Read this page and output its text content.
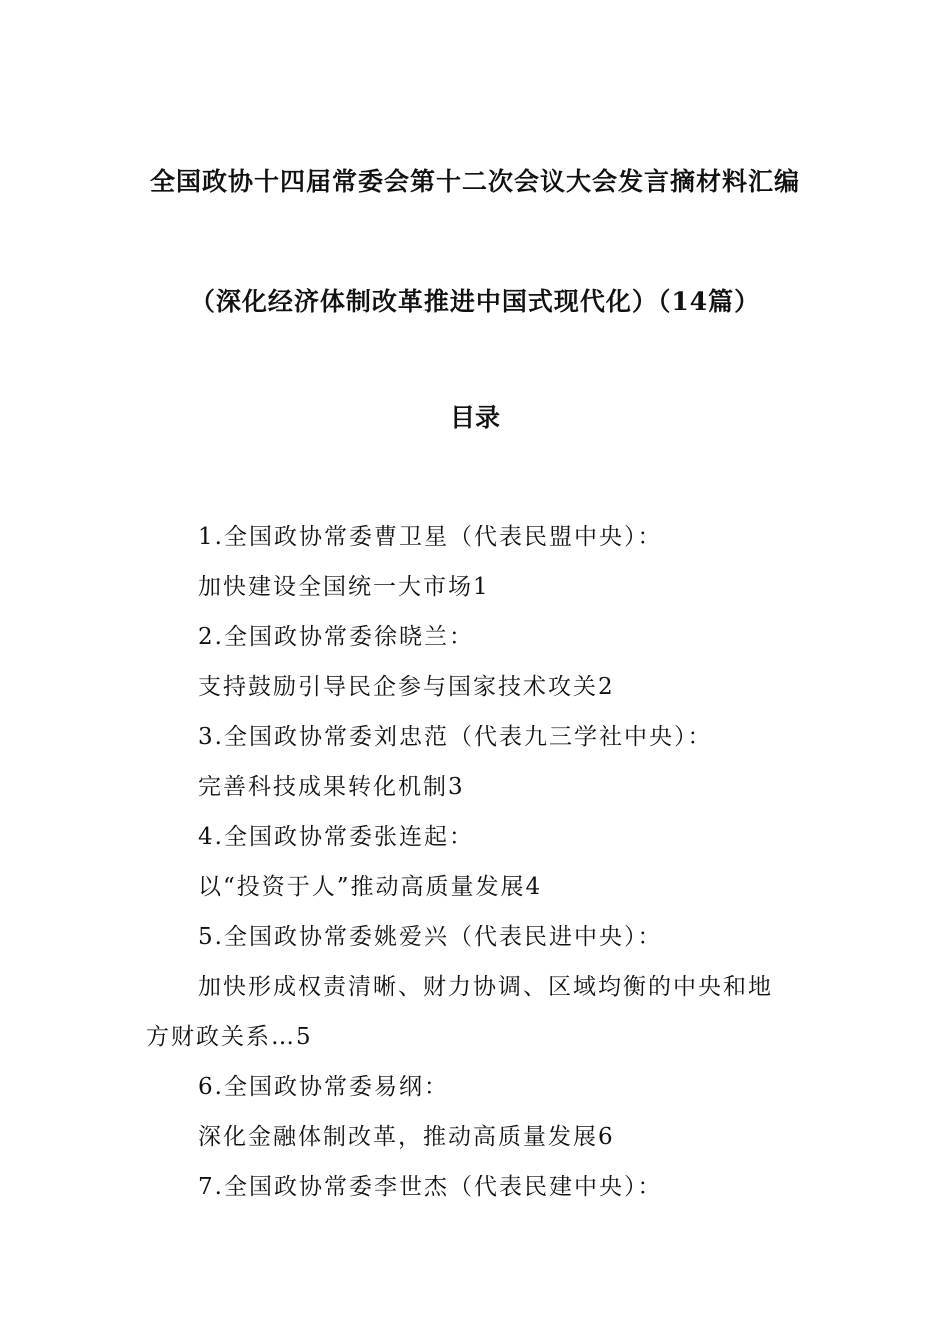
全国政协十四届常委会第十二次会议大会发言摘材料汇编
（深化经济体制改革推进中国式现代化）（14篇）
目录
1.全国政协常委曹卫星（代表民盟中央）：
加快建设全国统一大市场1
2.全国政协常委徐晓兰：
支持鼓励引导民企参与国家技术攻关2
3.全国政协常委刘忠范（代表九三学社中央）：
完善科技成果转化机制3
4.全国政协常委张连起：
以“投资于人”推动高质量发展4
5.全国政协常委姚爱兴（代表民进中央）：
加快形成权责清晰、财力协调、区域均衡的中央和地
方财政关系…5
6.全国政协常委易纲：
深化金融体制改革，推动高质量发展6
7.全国政协常委李世杰（代表民建中央）：
